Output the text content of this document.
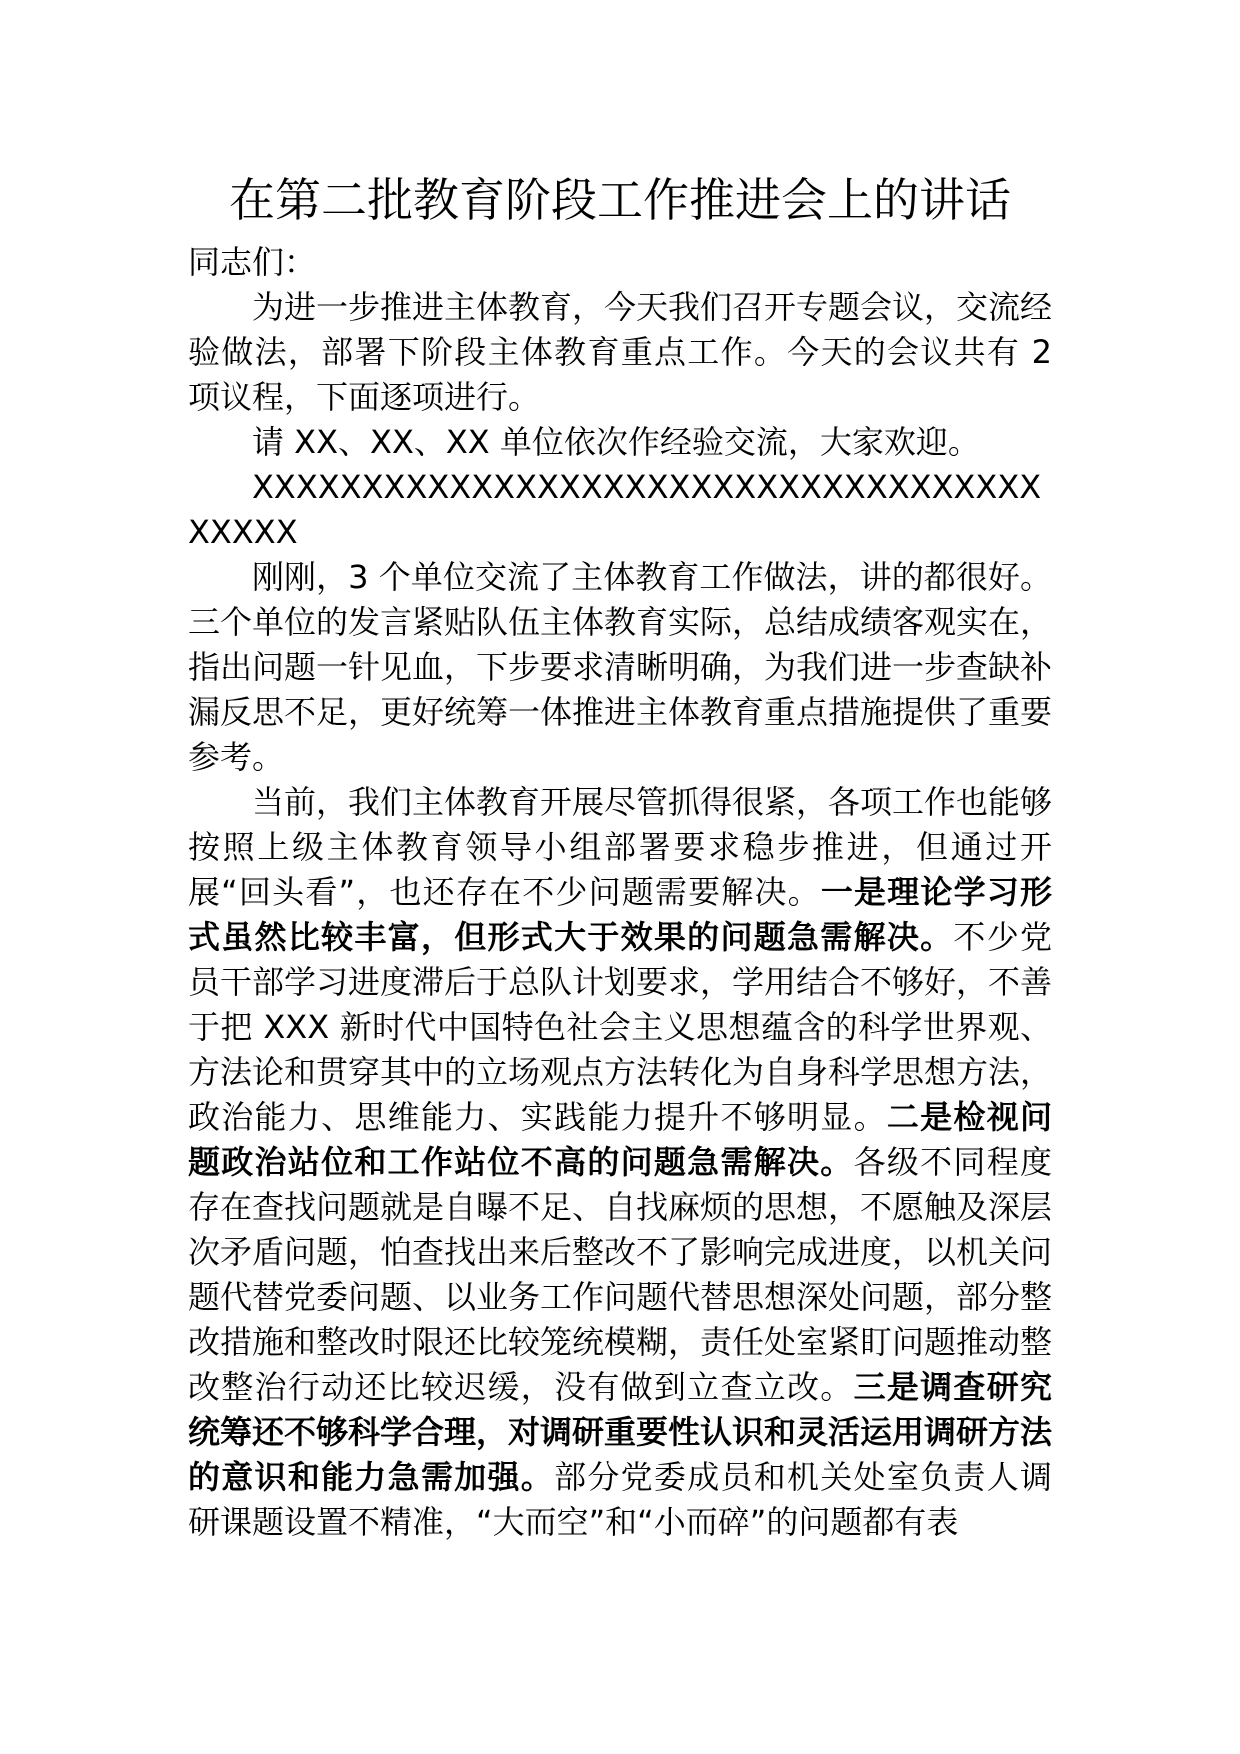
在第二批教育阶段工作推进会上的讲话

同志们：

为进一步推进主体教育，今天我们召开专题会议，交流经验做法，部署下阶段主体教育重点工作。今天的会议共有 2 项议程，下面逐项进行。

请 XX、XX、XX 单位依次作经验交流，大家欢迎。

XXXXXXXXXXXXXXXXXXXXXXXXXXXXXXXXXXXXXXXXX

刚刚，3 个单位交流了主体教育工作做法，讲的都很好。三个单位的发言紧贴队伍主体教育实际，总结成绩客观实在，指出问题一针见血，下步要求清晰明确，为我们进一步查缺补漏反思不足，更好统筹一体推进主体教育重点措施提供了重要参考。

当前，我们主体教育开展尽管抓得很紧，各项工作也能够按照上级主体教育领导小组部署要求稳步推进，但通过开展“回头看”，也还存在不少问题需要解决。一是理论学习形式虽然比较丰富，但形式大于效果的问题急需解决。不少党员干部学习进度滞后于总队计划要求，学用结合不够好，不善于把 XXX 新时代中国特色社会主义思想蕴含的科学世界观、方法论和贯穿其中的立场观点方法转化为自身科学思想方法，政治能力、思维能力、实践能力提升不够明显。二是检视问题政治站位和工作站位不高的问题急需解决。各级不同程度存在查找问题就是自曝不足、自找麻烦的思想，不愿触及深层次矛盾问题，怕查找出来后整改不了影响完成进度，以机关问题代替党委问题、以业务工作问题代替思想深处问题，部分整改措施和整改时限还比较笼统模糊，责任处室紧盯问题推动整改整治行动还比较迟缓，没有做到立查立改。三是调查研究统筹还不够科学合理，对调研重要性认识和灵活运用调研方法的意识和能力急需加强。部分党委成员和机关处室负责人调研课题设置不精准，“大而空”和“小而碎”的问题都有表
